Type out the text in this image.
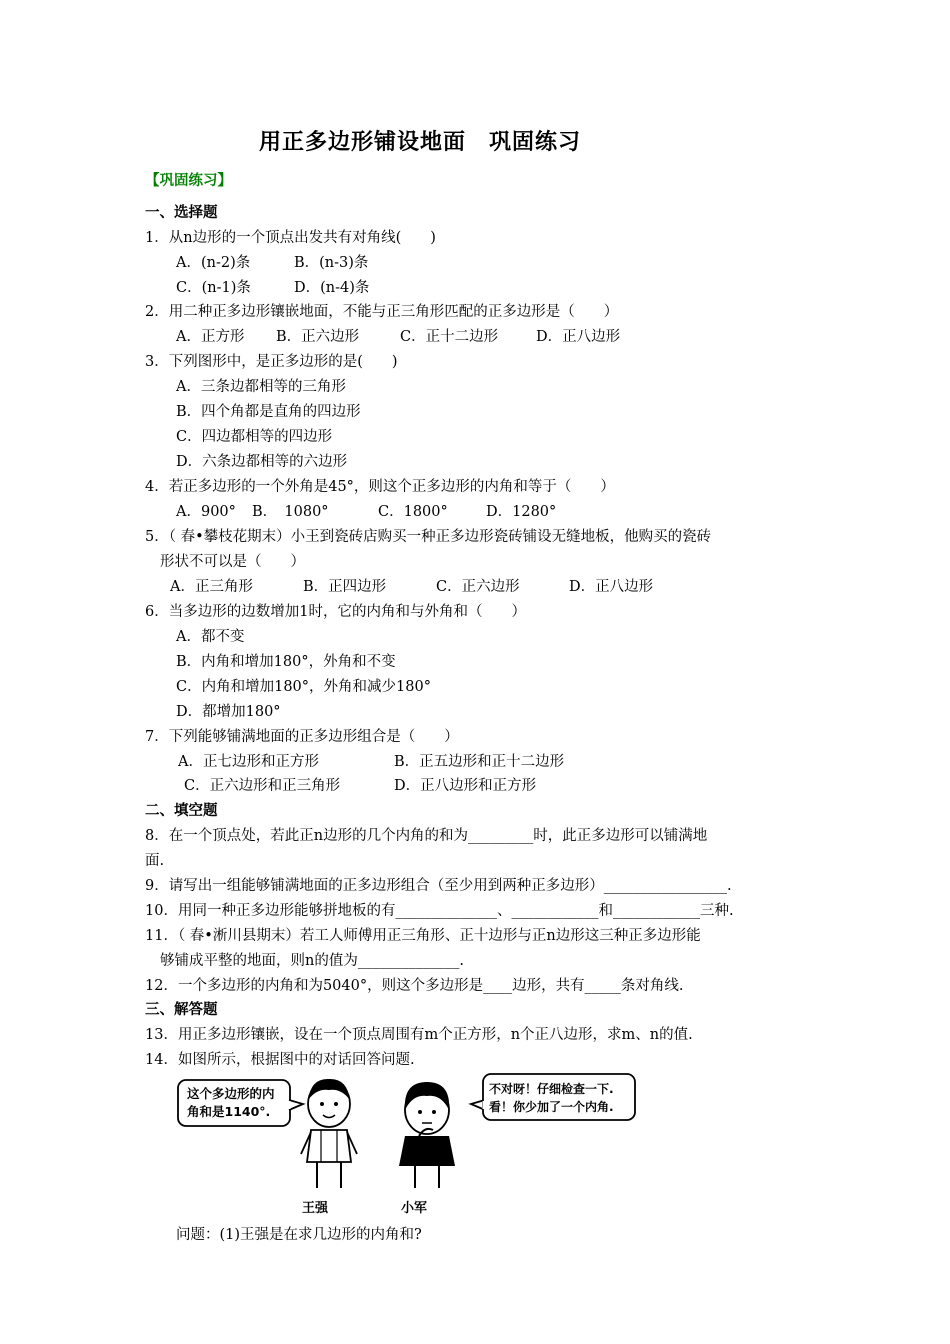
用正多边形铺设地面　巩固练习
【巩固练习】
一、选择题
1．从n边形的一个顶点出发共有对角线(　　)
A．(n-2)条	B．(n-3)条
C．(n-1)条	D．(n-4)条
2．用二种正多边形镶嵌地面，不能与正三角形匹配的正多边形是（　　）
A．正方形 B．正六边形	C．正十二边形	D．正八边形
3．下列图形中，是正多边形的是(　　)
A．三条边都相等的三角形
B．四个角都是直角的四边形
C．四边都相等的四边形
D．六条边都相等的六边形
4．若正多边形的一个外角是45°，则这个正多边形的内角和等于（　　）
A．900° B．　1080°	C．1800°	D．1280°
5．（ 春•攀枝花期末）小王到瓷砖店购买一种正多边形瓷砖铺设无缝地板，他购买的瓷砖
形状不可以是（　　）
A．正三角形	B．正四边形	C．正六边形	D．正八边形
6．当多边形的边数增加1时，它的内角和与外角和（　　）
A．都不变
B．内角和增加180°，外角和不变
C．内角和增加180°，外角和减少180°
D．都增加180°
7．下列能够铺满地面的正多边形组合是（　　）
A．正七边形和正方形	B．正五边形和正十二边形
C．正六边形和正三角形	D．正八边形和正方形
二、填空题
8．在一个顶点处，若此正n边形的几个内角的和为_________时，此正多边形可以铺满地
面.
9．请写出一组能够铺满地面的正多边形组合（至少用到两种正多边形）_________________.
10．用同一种正多边形能够拼地板的有______________、____________和____________三种.
11．（ 春•淅川县期末）若工人师傅用正三角形、正十边形与正n边形这三种正多边形能
够铺成平整的地面，则n的值为______________.
12．一个多边形的内角和为5040°，则这个多边形是____边形，共有_____条对角线.
三、解答题
13．用正多边形镶嵌，设在一个顶点周围有m个正方形，n个正八边形，求m、n的值.
14．如图所示，根据图中的对话回答问题.
这个多边形的内
角和是1140°.
不对呀！仔细检查一下.
看！你少加了一个内角.
王强	小军
问题：(1)王强是在求几边形的内角和?
